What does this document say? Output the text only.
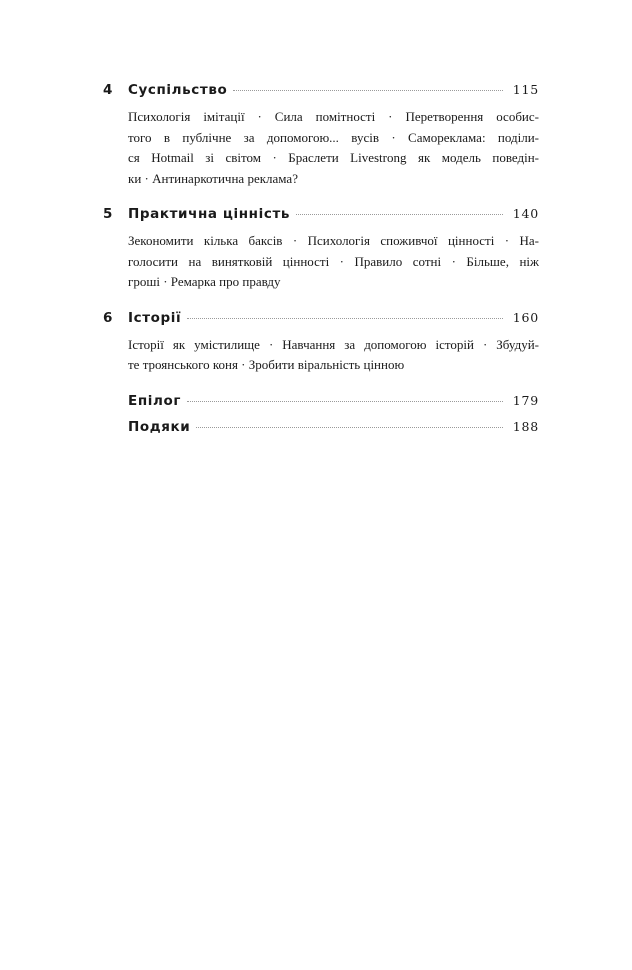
4	Суспільство	115
Психологія імітації · Сила помітності · Перетворення особис-
того в публічне за допомогою... вусів · Самореклама: поділи-
ся Hotmail зі світом · Браслети Livestrong як модель поведін-
ки · Антинаркотична реклама?
5	Практична цінність	140
Зекономити кілька баксів · Психологія споживчої цінності · На-
голосити на винятковій цінності · Правило сотні · Більше, ніж
гроші · Ремарка про правду
6	Історії	160
Історії як умістилище · Навчання за допомогою історій · Збудуй-
те троянського коня · Зробити віральність цінною
Епілог	179
Подяки	188
